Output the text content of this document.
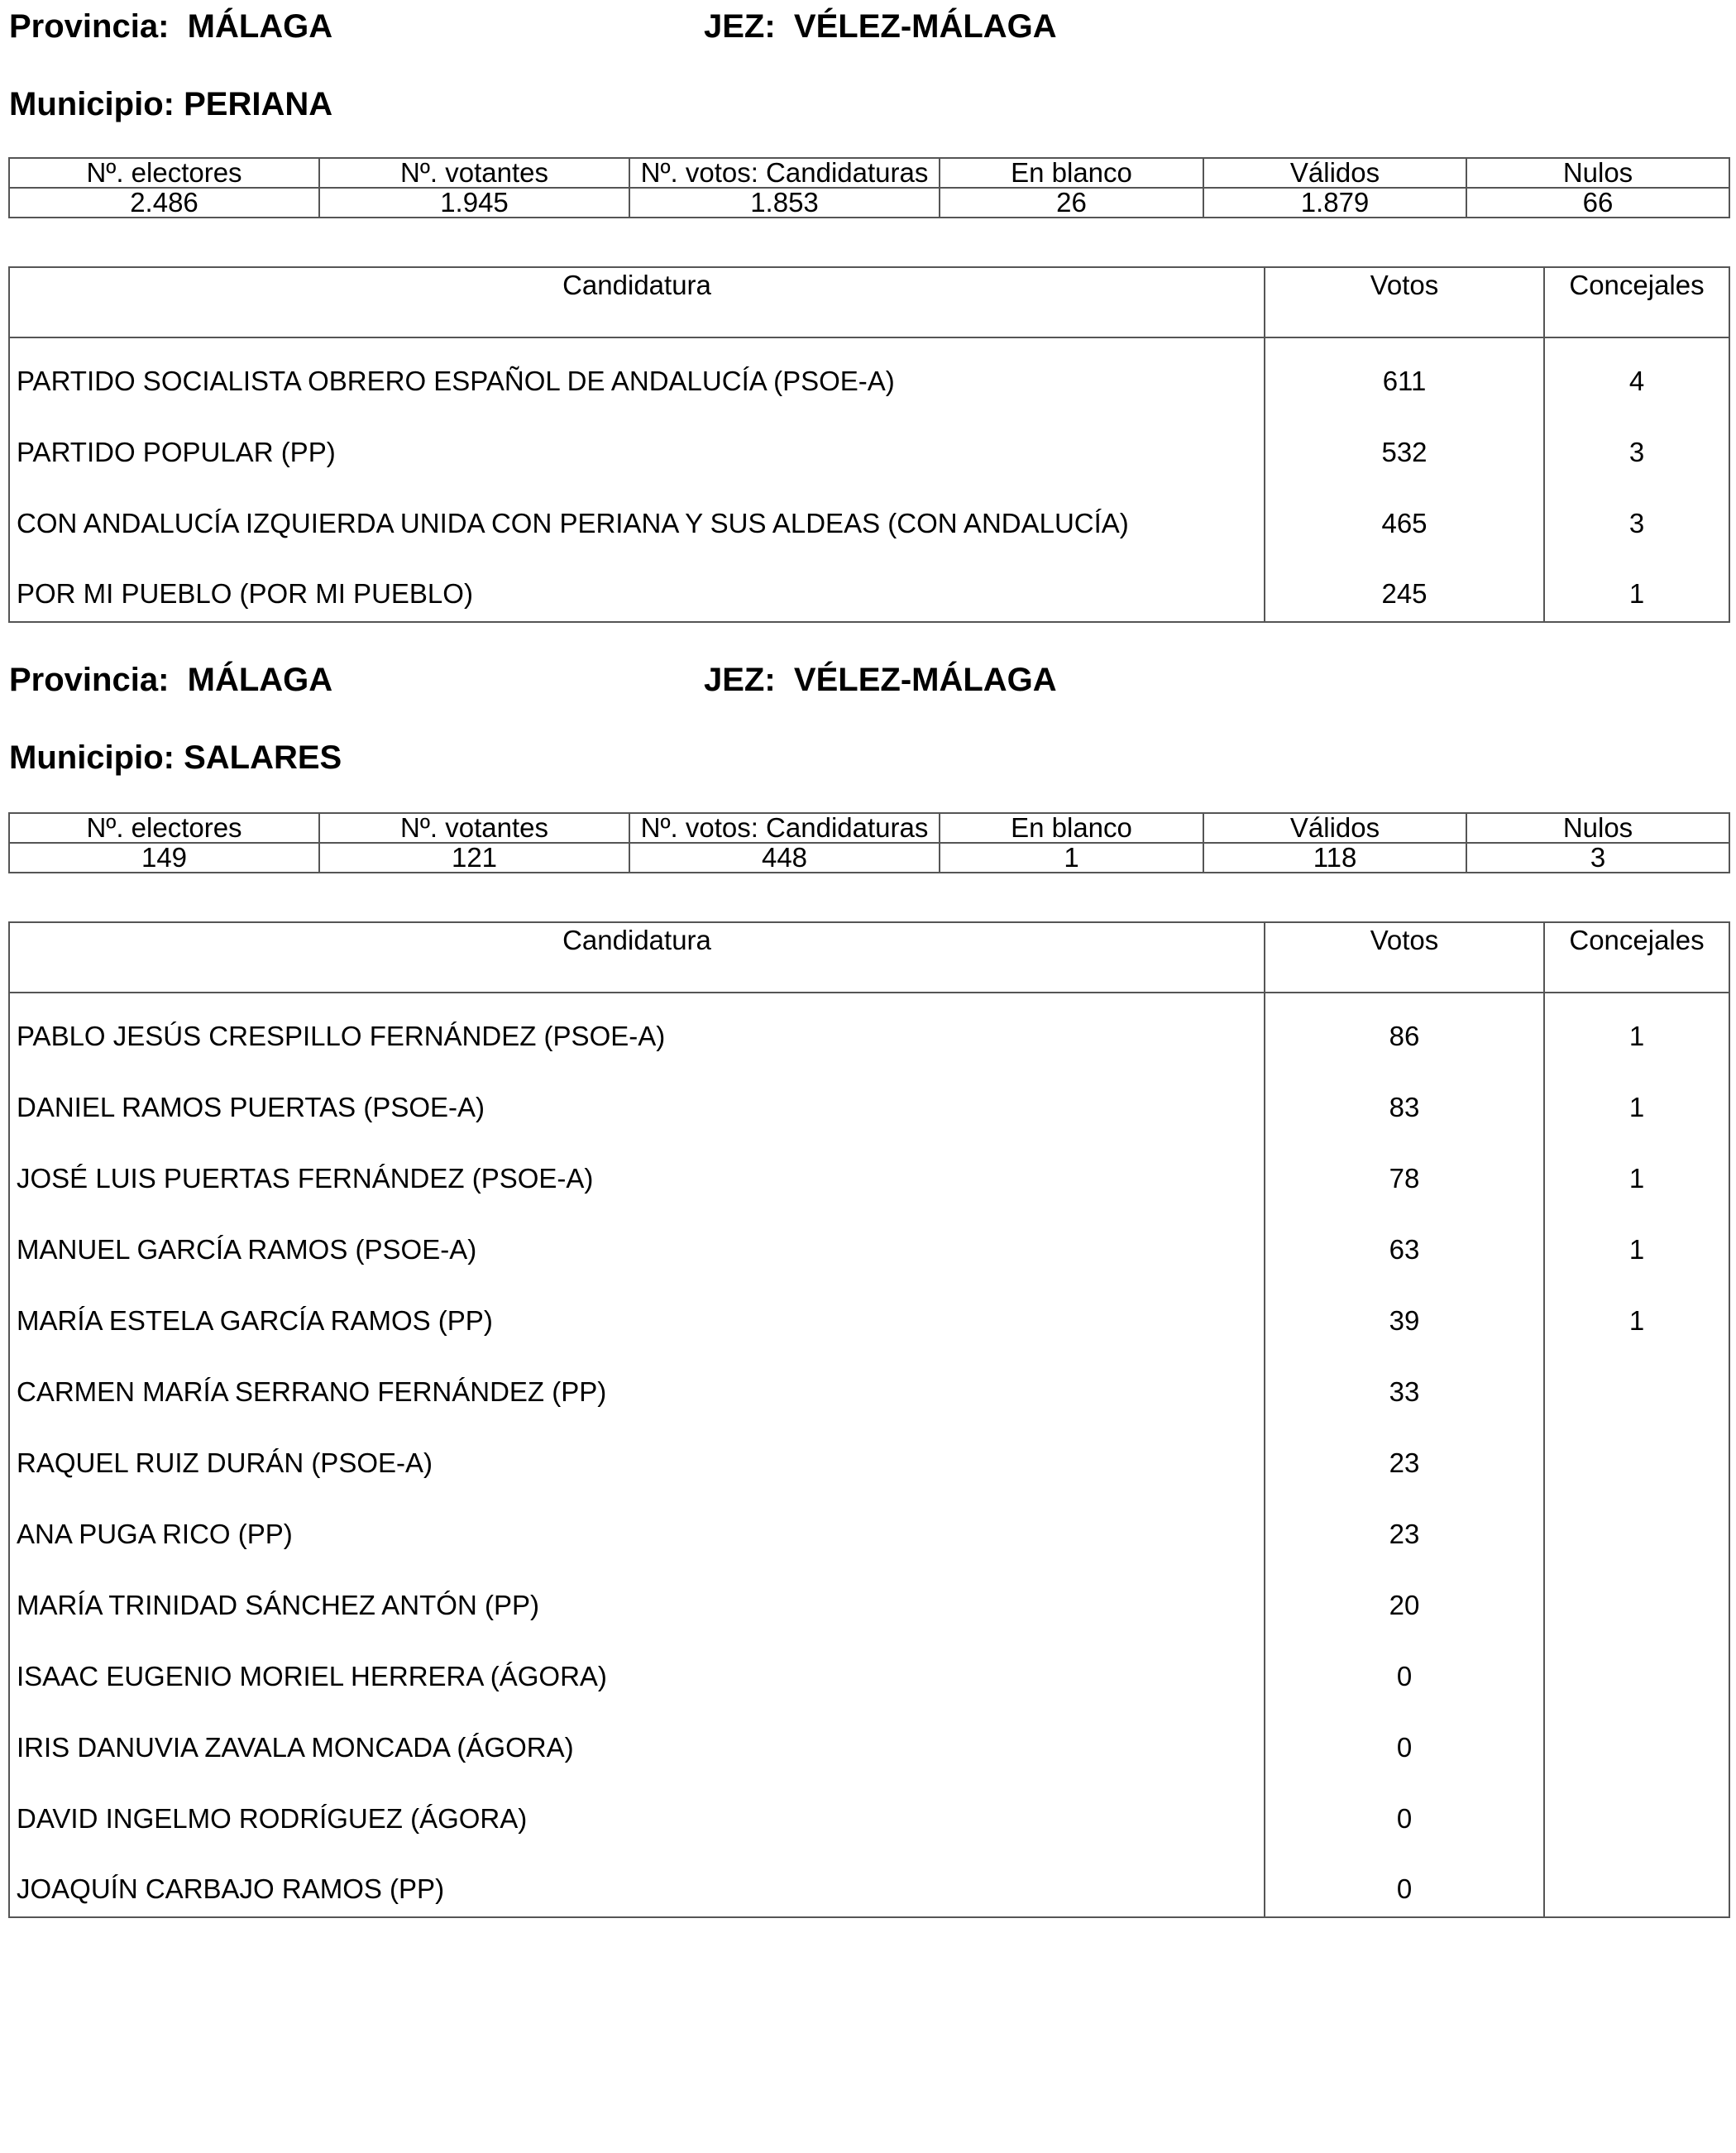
Provincia: MÁLAGA	JEZ: VÉLEZ-MÁLAGA
Municipio: PERIANA
Nº. electores	Nº. votantes	Nº. votos: Candidaturas	En blanco	Válidos	Nulos
2.486	1.945	1.853	26	1.879	66
Candidatura	Votos	Concejales
PARTIDO SOCIALISTA OBRERO ESPAÑOL DE ANDALUCÍA (PSOE-A)	611	4
PARTIDO POPULAR (PP)	532	3
CON ANDALUCÍA IZQUIERDA UNIDA CON PERIANA Y SUS ALDEAS (CON ANDALUCÍA)	465	3
POR MI PUEBLO (POR MI PUEBLO)	245	1
Provincia: MÁLAGA	JEZ: VÉLEZ-MÁLAGA
Municipio: SALARES
Nº. electores	Nº. votantes	Nº. votos: Candidaturas	En blanco	Válidos	Nulos
149	121	448	1	118	3
Candidatura	Votos	Concejales
PABLO JESÚS CRESPILLO FERNÁNDEZ (PSOE-A)	86	1
DANIEL RAMOS PUERTAS (PSOE-A)	83	1
JOSÉ LUIS PUERTAS FERNÁNDEZ (PSOE-A)	78	1
MANUEL GARCÍA RAMOS (PSOE-A)	63	1
MARÍA ESTELA GARCÍA RAMOS (PP)	39	1
CARMEN MARÍA SERRANO FERNÁNDEZ (PP)	33	
RAQUEL RUIZ DURÁN (PSOE-A)	23	
ANA PUGA RICO (PP)	23	
MARÍA TRINIDAD SÁNCHEZ ANTÓN (PP)	20	
ISAAC EUGENIO MORIEL HERRERA (ÁGORA)	0	
IRIS DANUVIA ZAVALA MONCADA (ÁGORA)	0	
DAVID INGELMO RODRÍGUEZ (ÁGORA)	0	
JOAQUÍN CARBAJO RAMOS (PP)	0	
